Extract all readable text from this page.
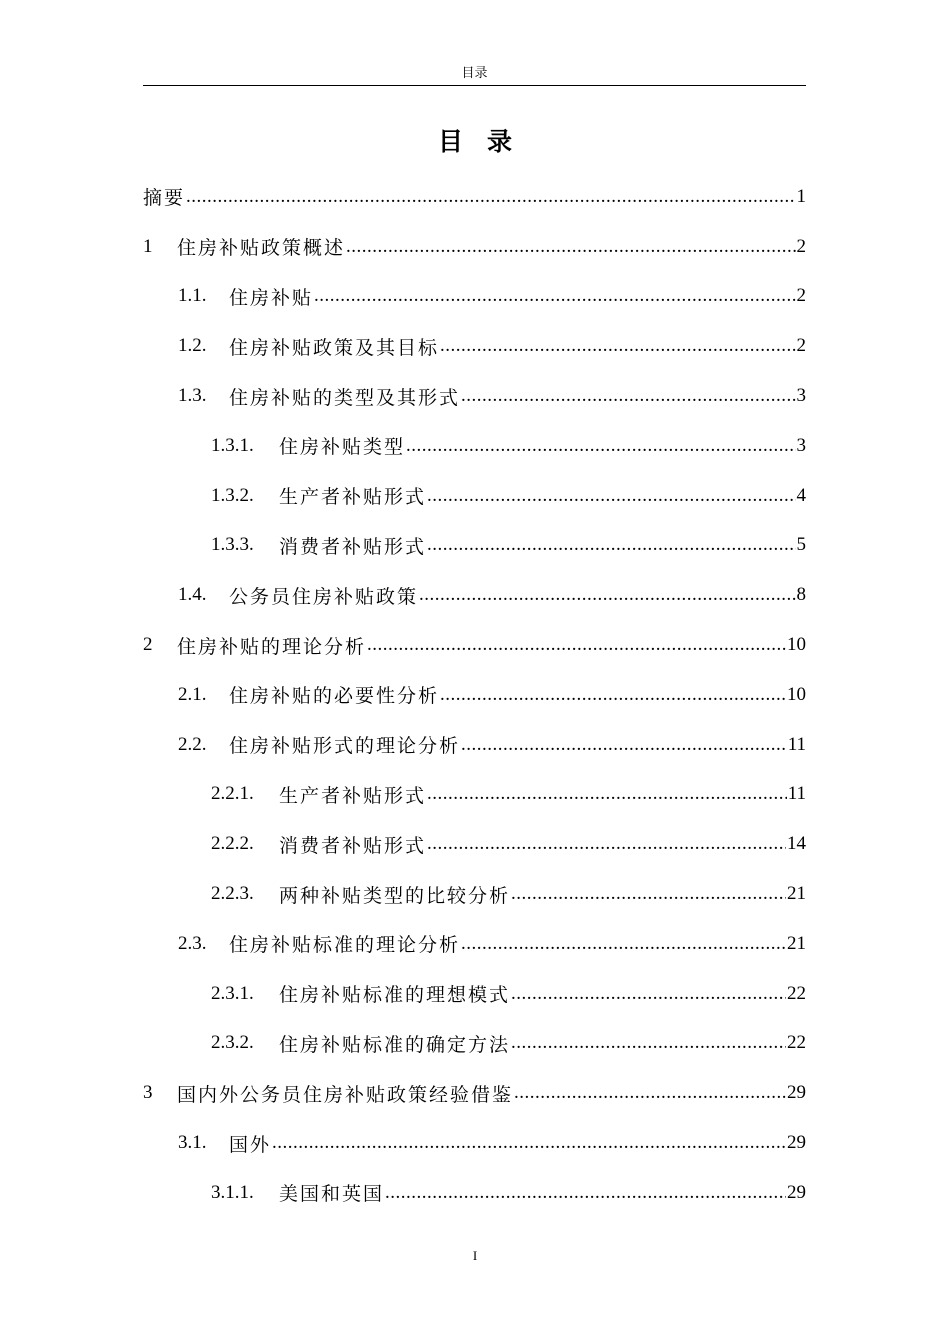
目录
目录
摘要 .....	1
1	住房补贴政策概述 .....	2
1.1.	住房补贴 .....	2
1.2.	住房补贴政策及其目标 .....	2
1.3.	住房补贴的类型及其形式 .....	3
1.3.1.	住房补贴类型 .....	3
1.3.2.	生产者补贴形式 .....	4
1.3.3.	消费者补贴形式 .....	5
1.4.	公务员住房补贴政策 .....	8
2	住房补贴的理论分析 .....	10
2.1.	住房补贴的必要性分析 .....	10
2.2.	住房补贴形式的理论分析 .....	11
2.2.1.	生产者补贴形式 .....	11
2.2.2.	消费者补贴形式 .....	14
2.2.3.	两种补贴类型的比较分析 .....	21
2.3.	住房补贴标准的理论分析 .....	21
2.3.1.	住房补贴标准的理想模式 .....	22
2.3.2.	住房补贴标准的确定方法 .....	22
3	国内外公务员住房补贴政策经验借鉴 .....	29
3.1.	国外 .....	29
3.1.1.	美国和英国 .....	29
I
